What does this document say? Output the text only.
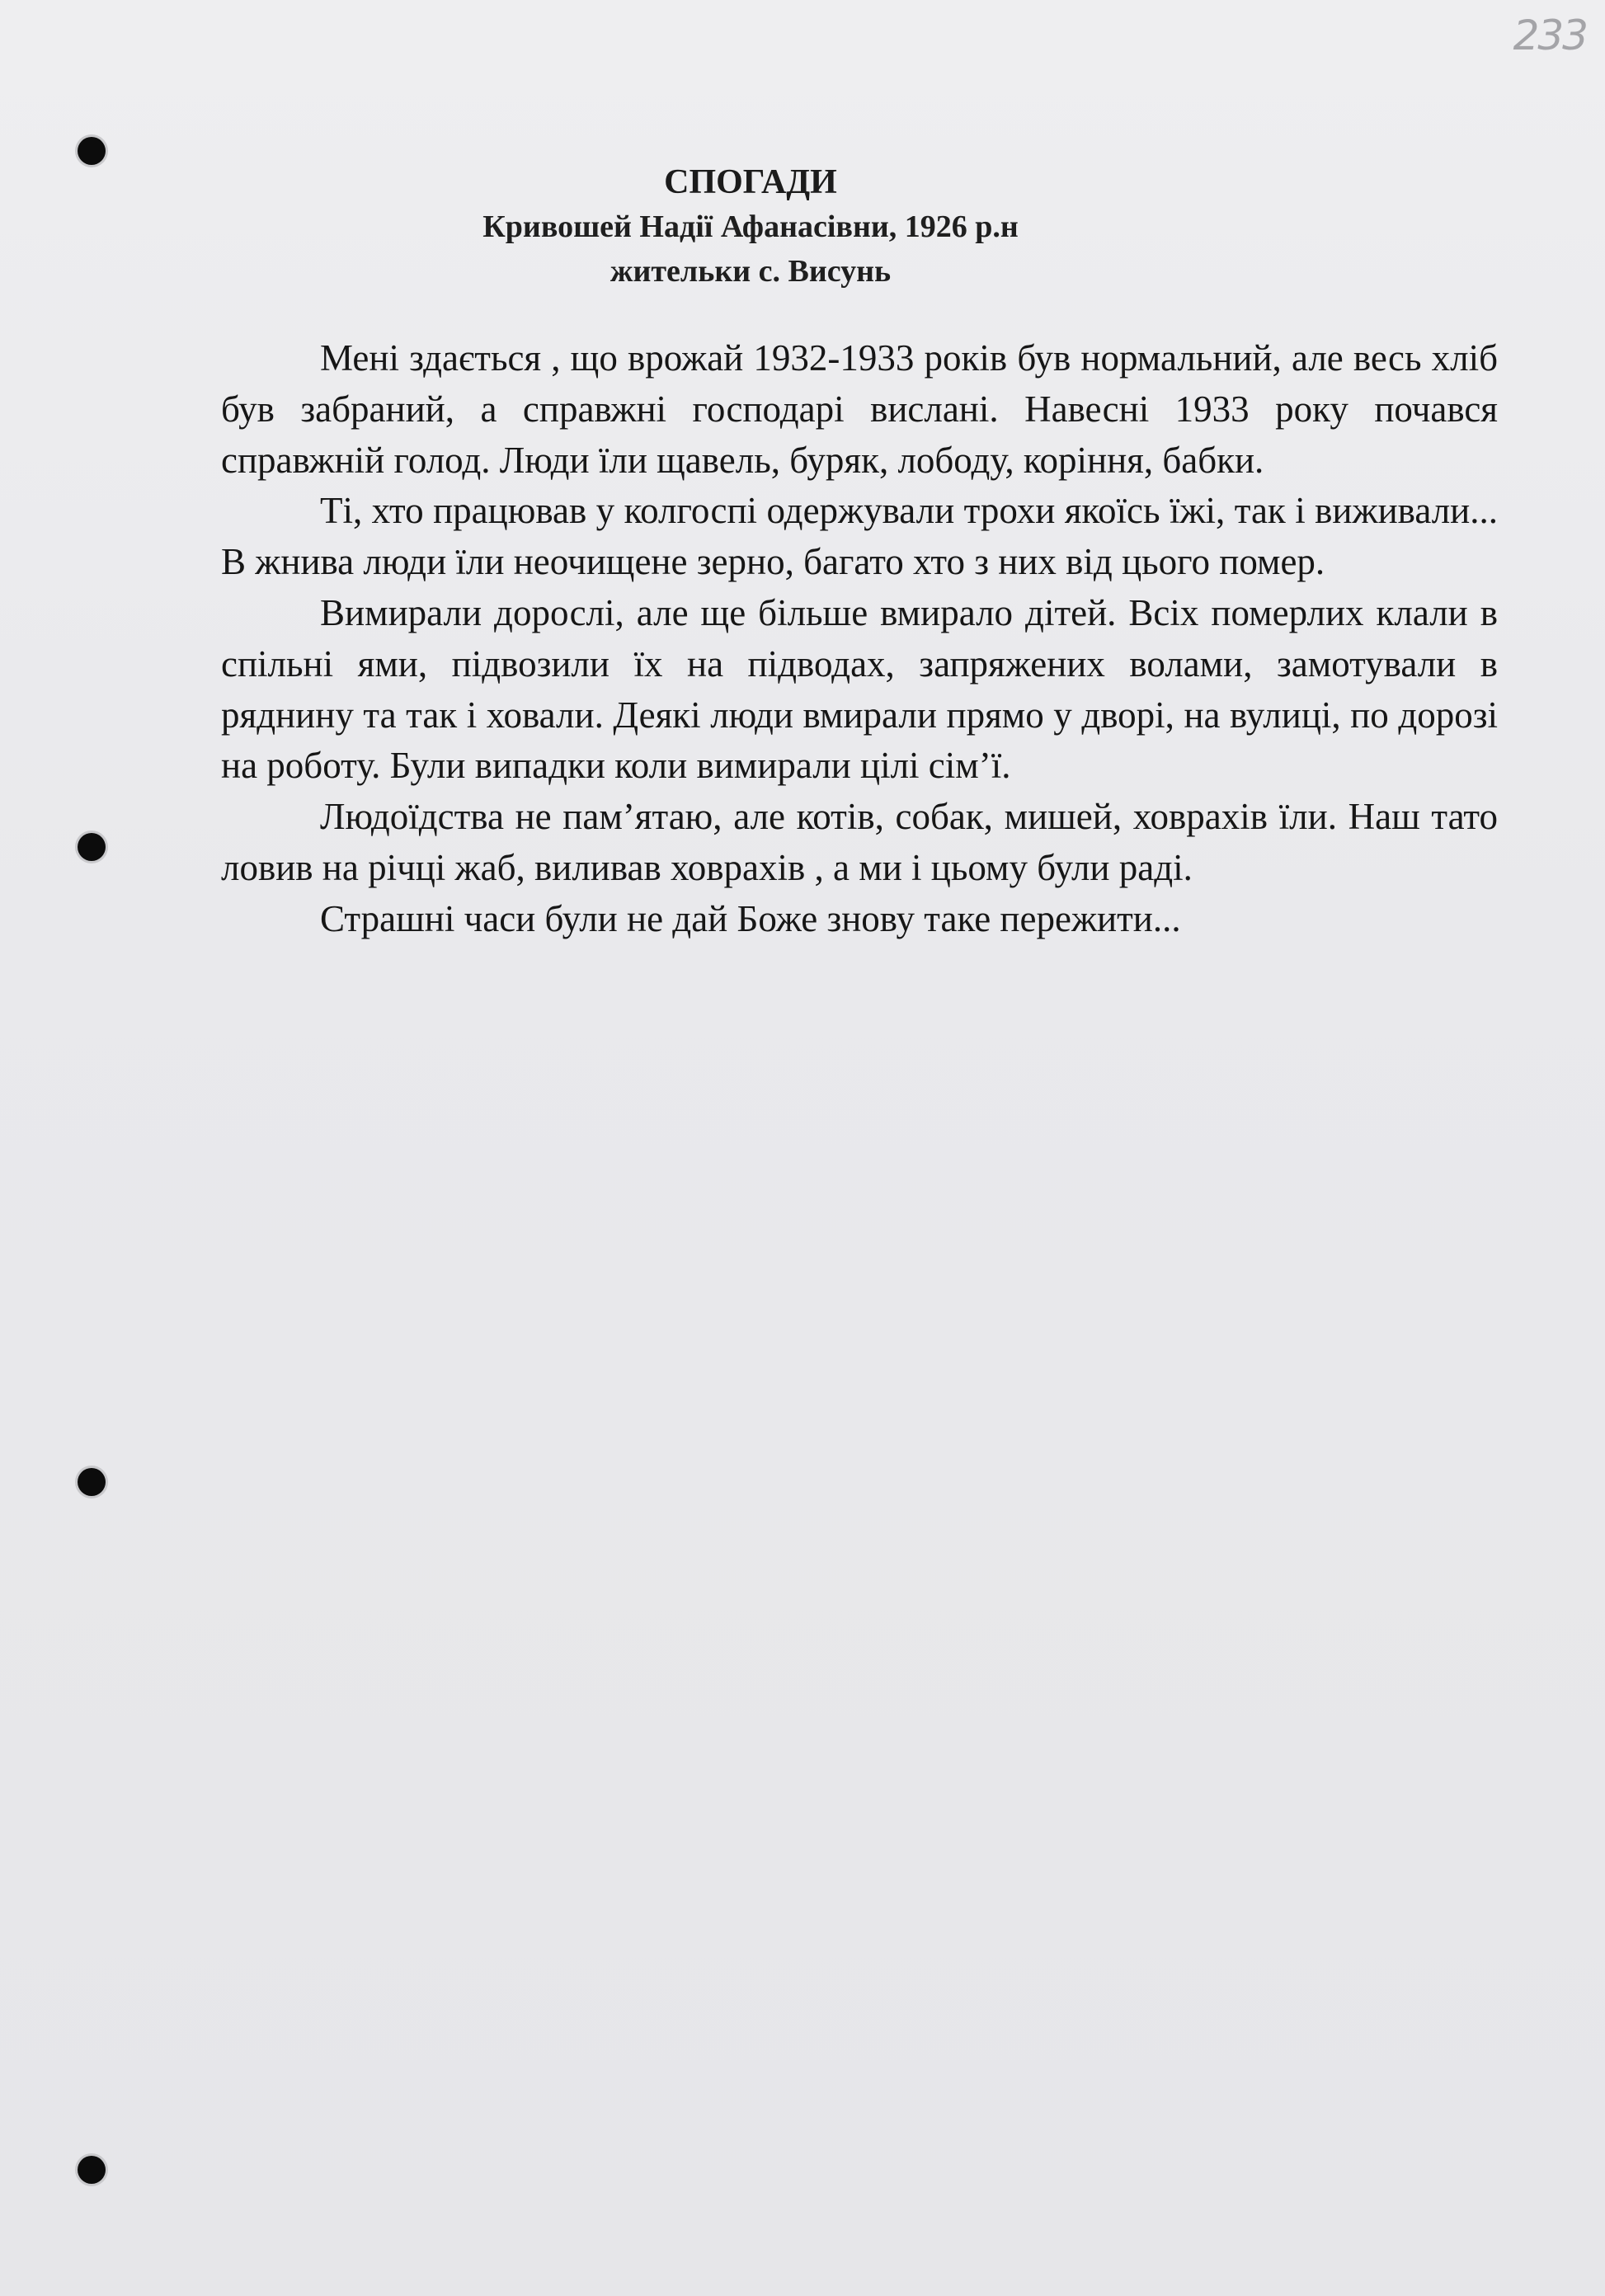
233
СПОГАДИ
Кривошей Надії Афанасівни, 1926 р.н
жительки с. Висунь

Мені здається , що врожай 1932-1933 років був нормальний, але весь хліб був забраний, а справжні господарі вислані. Навесні 1933 року почався справжній голод. Люди їли щавель, буряк, лободу, коріння, бабки.

Ті, хто працював у колгоспі одержували трохи якоїсь їжі, так і виживали... В жнива люди їли неочищене зерно, багато хто з них від цього помер.

Вимирали дорослі, але ще більше вмирало дітей. Всіх померлих клали в спільні ями, підвозили їх на підводах, запряжених волами, замотували в ряднину та так і ховали. Деякі люди вмирали прямо у дворі, на вулиці, по дорозі на роботу. Були випадки коли вимирали цілі сім’ї.

Людоїдства не пам’ятаю, але котів, собак, мишей, ховрахів їли. Наш тато ловив на річці жаб, виливав ховрахів , а ми і цьому були раді.

Страшні часи були не дай Боже знову таке пережити...
